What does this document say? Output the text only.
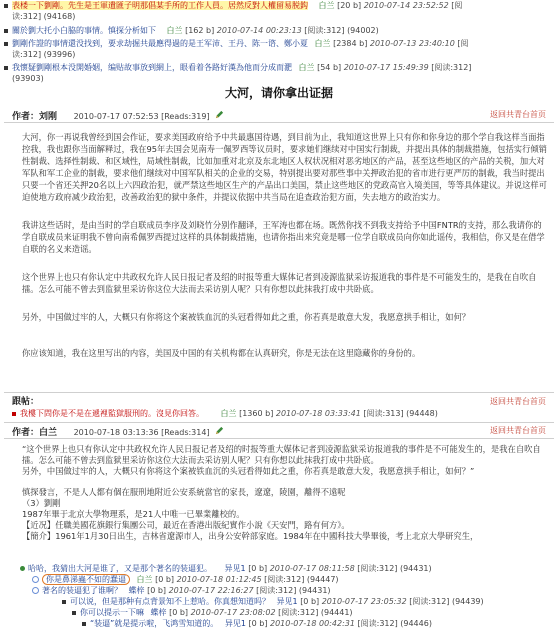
表楼一下劉剛。先生是王軍遺匯子明那倡某手所的工作人員。居然反對人權留易脱鈎 白兰 [20 b] 2010-07-14 23:52:52 [阅
读:312] (94168)
關於劉大托小白脇的事情。慎探分析如下 白兰 [162 b] 2010-07-14 00:23:13 [阅读:312] (94002)
劉剛作證的事情還没找到，要求劫掘共最應得過的是王军沛、王丹、陈一谘、鄭小夏 白兰 [2384 b] 2010-07-13 23:40:10 [阅
读:312] (93996)
我懷疑劉剛根本没開婚姻，编贴故事放到網上，眼看着各路好漢為他而分成而淝 白兰 [54 b] 2010-07-17 15:49:39 [阅读:312]
(93903)
大河，请你拿出证据
作者：刘刚 2010-07-17 07:52:53 [Reads:319]	返回共青台首页

大河，你一再说我曾经到国会作证，要求美国政府给予中共最惠国待遇，到目前为止，我知道这世界上只有你和你身边的那个学自我这样当面指控我，我也跟你当面解释过，我在95年去国会见南寿一佩罗西等议员时，要求她们继续对中国实行制裁，并提出具体的制裁措施，包括实行倾销性制裁、选择性制裁、和区域性，局域性制裁，比如加重对北京及东北地区人权状况相对恶劣地区的产品，甚至这些地区的产品的关税，加大对军队和军工企业的制裁，要求他们继续对中国军队相关的企业的交易，特别提出要对那些事中关押政治犯的省市进行更严厉的制裁，我当时提出只要一个省还关押20名以上六四政治犯，就严禁这些地区生产的产品出口美国，禁止这些地区的党政高官入境美国，等等具体建议。并说这样可迫使地方政府减少政治犯，改善政治犯的狱中条件，并提议依据中共当局在追查政治犯方面，失去地方的政治实力。

我讲这些话时，是由当时的学自联成员李序及刘晓竹分别作翻译，王军涛也都在场。既然你找不到我支持给予中国FNTR的支持，那么我请你的学自联成员来证明我不曾向南希佩罗西提过这样的具体制裁措施，也请你指出来究竟是哪一位学自联成员向你如此谣传，我相信，你又是在借学自联的名义来造谣。

这个世界上也只有你认定中共政权允许人民日报记者及绍的时报等重大媒体记者到凌源监狱采访报道我的事件是不可能发生的，是我在自吹自擂。怎么可能不曾去到监狱里采访你这位大法而去采访别人呢？只有你想以此抹我打成中共卧底。

另外，中国做过牢的人，大概只有你将这个案被铁血沉的头冠看得如此之重，你若真是敢意大发，我愿意拱手相让，如何？

你应该知道，我在这里写出的内容，美国及中国的有关机构都在认真研究，你是无法在这里隐藏你的身份的。

跟帖：
我樓下問你是不是在遞裡監獄服刑的。沒見你回答。 白兰 [1360 b] 2010-07-18 03:33:41 [阅读:313] (94448)
返回共青台首页
作者：白兰 2010-07-18 03:13:36 [Reads:314]	返回共青台首页

“这个世界上也只有你认定中共政权允许人民日报记者及绍的时报等重大媒体记者到凌源监狱采访报道我的事件是不可能发生的，是我在自吹自擂。怎么可能不曾去到监狱里采访你这位大法而去采访别人呢？只有你想以此抹我打成中共卧底。

另外，中国做过牢的人，大概只有你将这个案被铁血沉的头冠看得如此之重，你若真是敢意大发，我愿意拱手相让，如何？”

慎探發言，不是人人都有個在服刑地附近公安系統當官的家長，遼遼，陵園，離得不遠呢

（3）劉剛

1987年畢于北京大學物理系，是21人中唯一已畢業離校的。

【近况】任職美國花旗銀行集團公司，最近在香港出版紀實作小說《天安門，路有何方》。

【簡介】1961年1月30日出生，吉林省遼源市人，出身公安幹部家庭。1984年在中國科技大學畢後，考上北京大學研究生，

哈哈，我猜出大河是谁了，又是那个著名的装逼犯。 异见1 [0 b] 2010-07-17 08:11:58 [阅读:312] (94431)
你是鼻涕蟲不如的蠢逼 白兰 [0 b] 2010-07-18 01:12:45 [阅读:312] (94447)
著名的装逼犯了谁啊？ 蝶梓 [0 b] 2010-07-17 22:16:27 [阅读:312] (94431)
可以说，但是那种有点背景知不上惹哈。你真想知道吗？ 异见1 [0 b] 2010-07-17 23:05:32 [阅读:312] (94439)
你可以提示一下嘛 蝶梓 [0 b] 2010-07-17 23:08:02 [阅读:312] (94441)
“装逼”就是提示啦，飞鸿雪知道的。 异见1 [0 b] 2010-07-18 00:42:31 [阅读:312] (94446)
